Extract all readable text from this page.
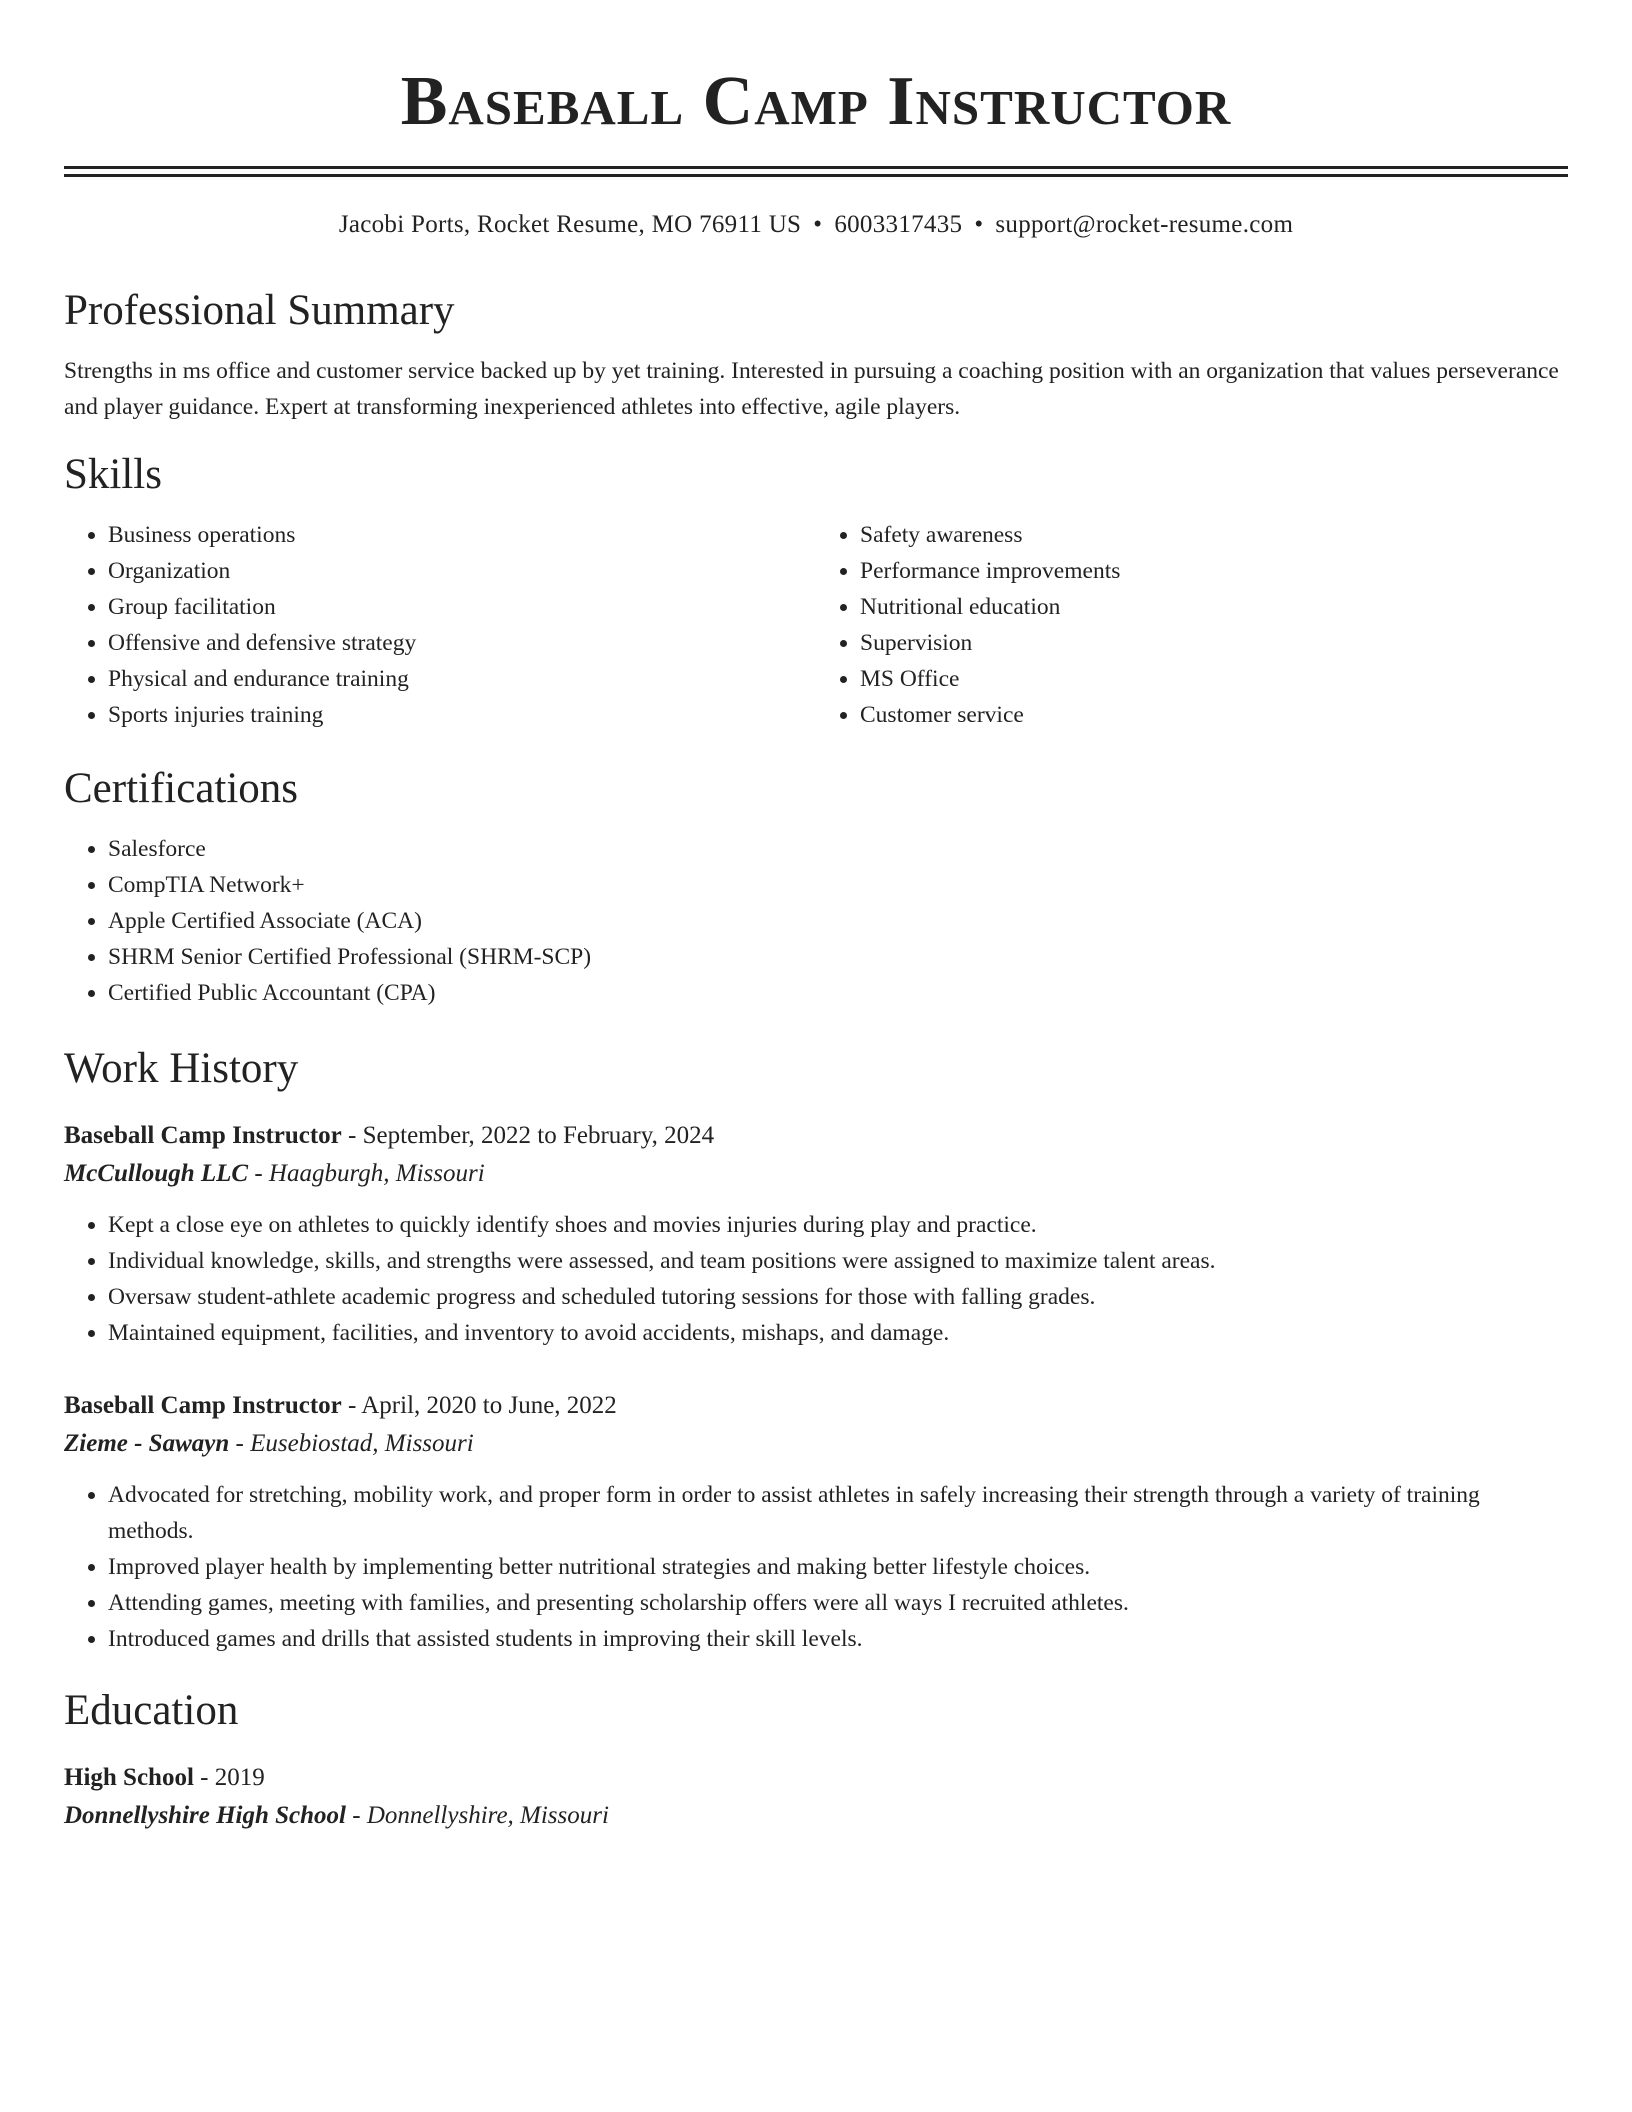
Baseball Camp Instructor
Jacobi Ports, Rocket Resume, MO 76911 US • 6003317435 • support@rocket-resume.com
Professional Summary

Strengths in ms office and customer service backed up by yet training. Interested in pursuing a coaching position with an organization that values perseverance and player guidance. Expert at transforming inexperienced athletes into effective, agile players.

Skills
• Business operations
• Organization
• Group facilitation
• Offensive and defensive strategy
• Physical and endurance training
• Sports injuries training
• Safety awareness
• Performance improvements
• Nutritional education
• Supervision
• MS Office
• Customer service
Certifications
• Salesforce
• CompTIA Network+
• Apple Certified Associate (ACA)
• SHRM Senior Certified Professional (SHRM-SCP)
• Certified Public Accountant (CPA)
Work History
Baseball Camp Instructor - September, 2022 to February, 2024
McCullough LLC - Haagburgh, Missouri
• Kept a close eye on athletes to quickly identify shoes and movies injuries during play and practice.
• Individual knowledge, skills, and strengths were assessed, and team positions were assigned to maximize talent areas.
• Oversaw student-athlete academic progress and scheduled tutoring sessions for those with falling grades.
• Maintained equipment, facilities, and inventory to avoid accidents, mishaps, and damage.
Baseball Camp Instructor - April, 2020 to June, 2022
Zieme - Sawayn - Eusebiostad, Missouri
• Advocated for stretching, mobility work, and proper form in order to assist athletes in safely increasing their strength through a variety of training methods.
• Improved player health by implementing better nutritional strategies and making better lifestyle choices.
• Attending games, meeting with families, and presenting scholarship offers were all ways I recruited athletes.
• Introduced games and drills that assisted students in improving their skill levels.
Education
High School - 2019
Donnellyshire High School - Donnellyshire, Missouri
